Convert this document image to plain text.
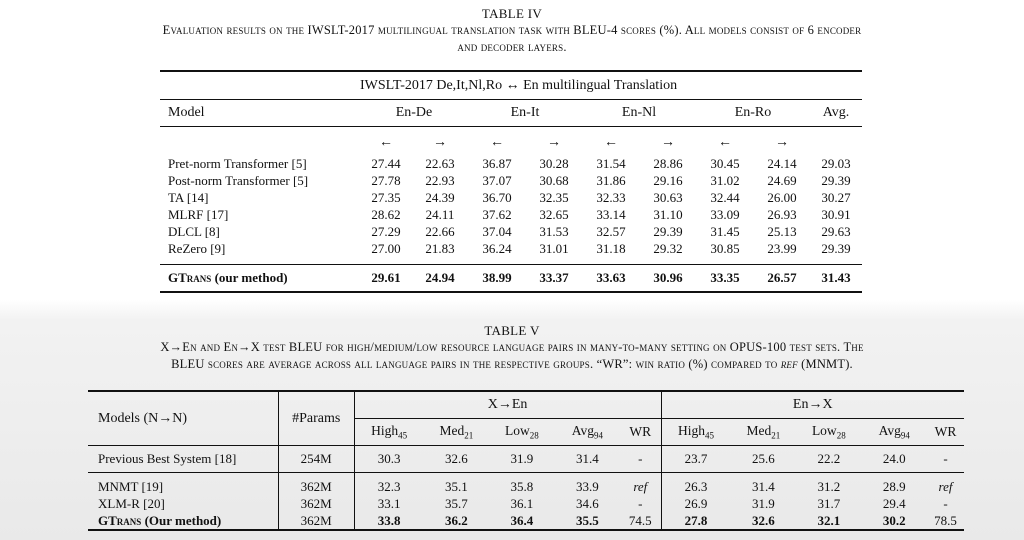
TABLE IV
Evaluation results on the IWSLT-2017 multilingual translation task with BLEU-4 scores (%). All models consist of 6 encoder
and decoder layers.
	IWSLT-2017 De,It,Nl,Ro ↔ En multilingual Translation								
Model	En-De		En-It		En-Nl		En-Ro		Avg.
	←	→	←	→	←	→	←	→	
Pret-norm Transformer [5]	27.44	22.63	36.87	30.28	31.54	28.86	30.45	24.14	29.03
Post-norm Transformer [5]	27.78	22.93	37.07	30.68	31.86	29.16	31.02	24.69	29.39
TA [14]	27.35	24.39	36.70	32.35	32.33	30.63	32.44	26.00	30.27
MLRF [17]	28.62	24.11	37.62	32.65	33.14	31.10	33.09	26.93	30.91
DLCL [8]	27.29	22.66	37.04	31.53	32.57	29.39	31.45	25.13	29.63
ReZero [9]	27.00	21.83	36.24	31.01	31.18	29.32	30.85	23.99	29.39
GTrans (our method)	29.61	24.94	38.99	33.37	33.63	30.96	33.35	26.57	31.43
TABLE V
X→En and En→X test BLEU for high/medium/low resource language pairs in many-to-many setting on OPUS-100 test sets. The
BLEU scores are average across all language pairs in the respective groups. “WR”: win ratio (%) compared to ref (MNMT).
Models (N→N)	#Params	X→En					En→X				
		High$_{45}$	Med$_{21}$	Low$_{28}$	Avg$_{94}$	WR	High$_{45}$	Med$_{21}$	Low$_{28}$	Avg$_{94}$	WR
Previous Best System [18]	254M	30.3	32.6	31.9	31.4	-	23.7	25.6	22.2	24.0	-
MNMT [19]	362M	32.3	35.1	35.8	33.9	ref	26.3	31.4	31.2	28.9	ref
XLM-R [20]	362M	33.1	35.7	36.1	34.6	-	26.9	31.9	31.7	29.4	-
GTrans (Our method)	362M	33.8	36.2	36.4	35.5	74.5	27.8	32.6	32.1	30.2	78.5
